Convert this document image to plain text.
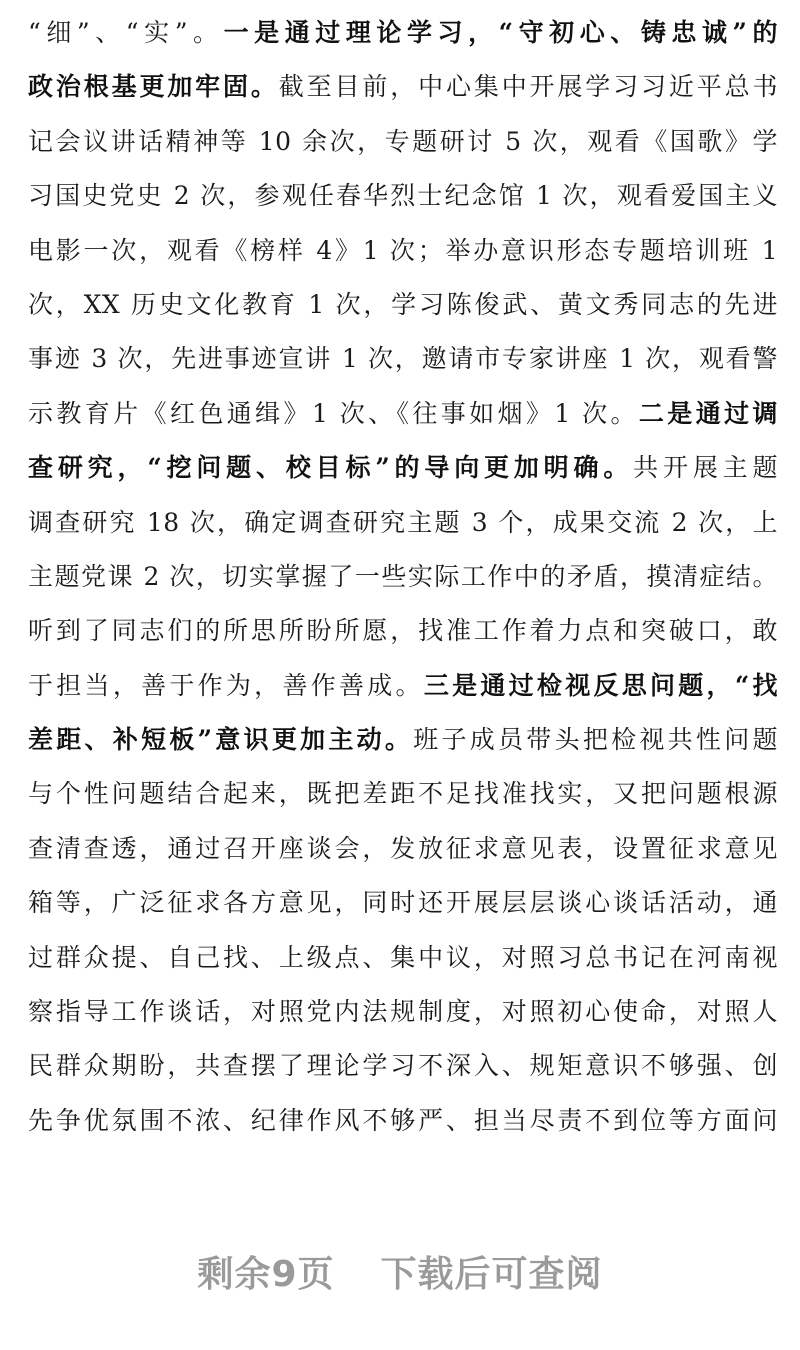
“细”、“实”。一是通过理论学习，“守初心、铸忠诚”的
政治根基更加牢固。截至目前，中心集中开展学习习近平总书
记会议讲话精神等 10 余次，专题研讨 5 次，观看《国歌》学
习国史党史 2 次，参观任春华烈士纪念馆 1 次，观看爱国主义
电影一次，观看《榜样 4》1 次；举办意识形态专题培训班 1
次，XX 历史文化教育 1 次，学习陈俊武、黄文秀同志的先进
事迹 3 次，先进事迹宣讲 1 次，邀请市专家讲座 1 次，观看警
示教育片《红色通缉》1 次、《往事如烟》1 次。二是通过调
查研究，“挖问题、校目标”的导向更加明确。共开展主题
调查研究 18 次，确定调查研究主题 3 个，成果交流 2 次，上
主题党课 2 次，切实掌握了一些实际工作中的矛盾，摸清症结。
听到了同志们的所思所盼所愿，找准工作着力点和突破口，敢
于担当，善于作为，善作善成。三是通过检视反思问题，“找
差距、补短板”意识更加主动。班子成员带头把检视共性问题
与个性问题结合起来，既把差距不足找准找实，又把问题根源
查清查透，通过召开座谈会，发放征求意见表，设置征求意见
箱等，广泛征求各方意见，同时还开展层层谈心谈话活动，通
过群众提、自己找、上级点、集中议，对照习总书记在河南视
察指导工作谈话，对照党内法规制度，对照初心使命，对照人
民群众期盼，共查摆了理论学习不深入、规矩意识不够强、创
先争优氛围不浓、纪律作风不够严、担当尽责不到位等方面问
剩余9页 下载后可查阅
